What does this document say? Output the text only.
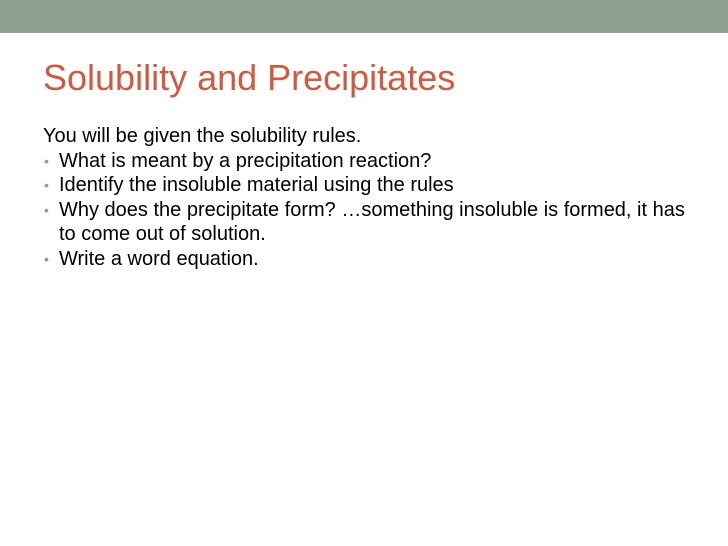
Solubility and Precipitates

You will be given the solubility rules.

• What is meant by a precipitation reaction?
• Identify the insoluble material using the rules
• Why does the precipitate form? …something insoluble is formed, it has to come out of solution.
• Write a word equation.
